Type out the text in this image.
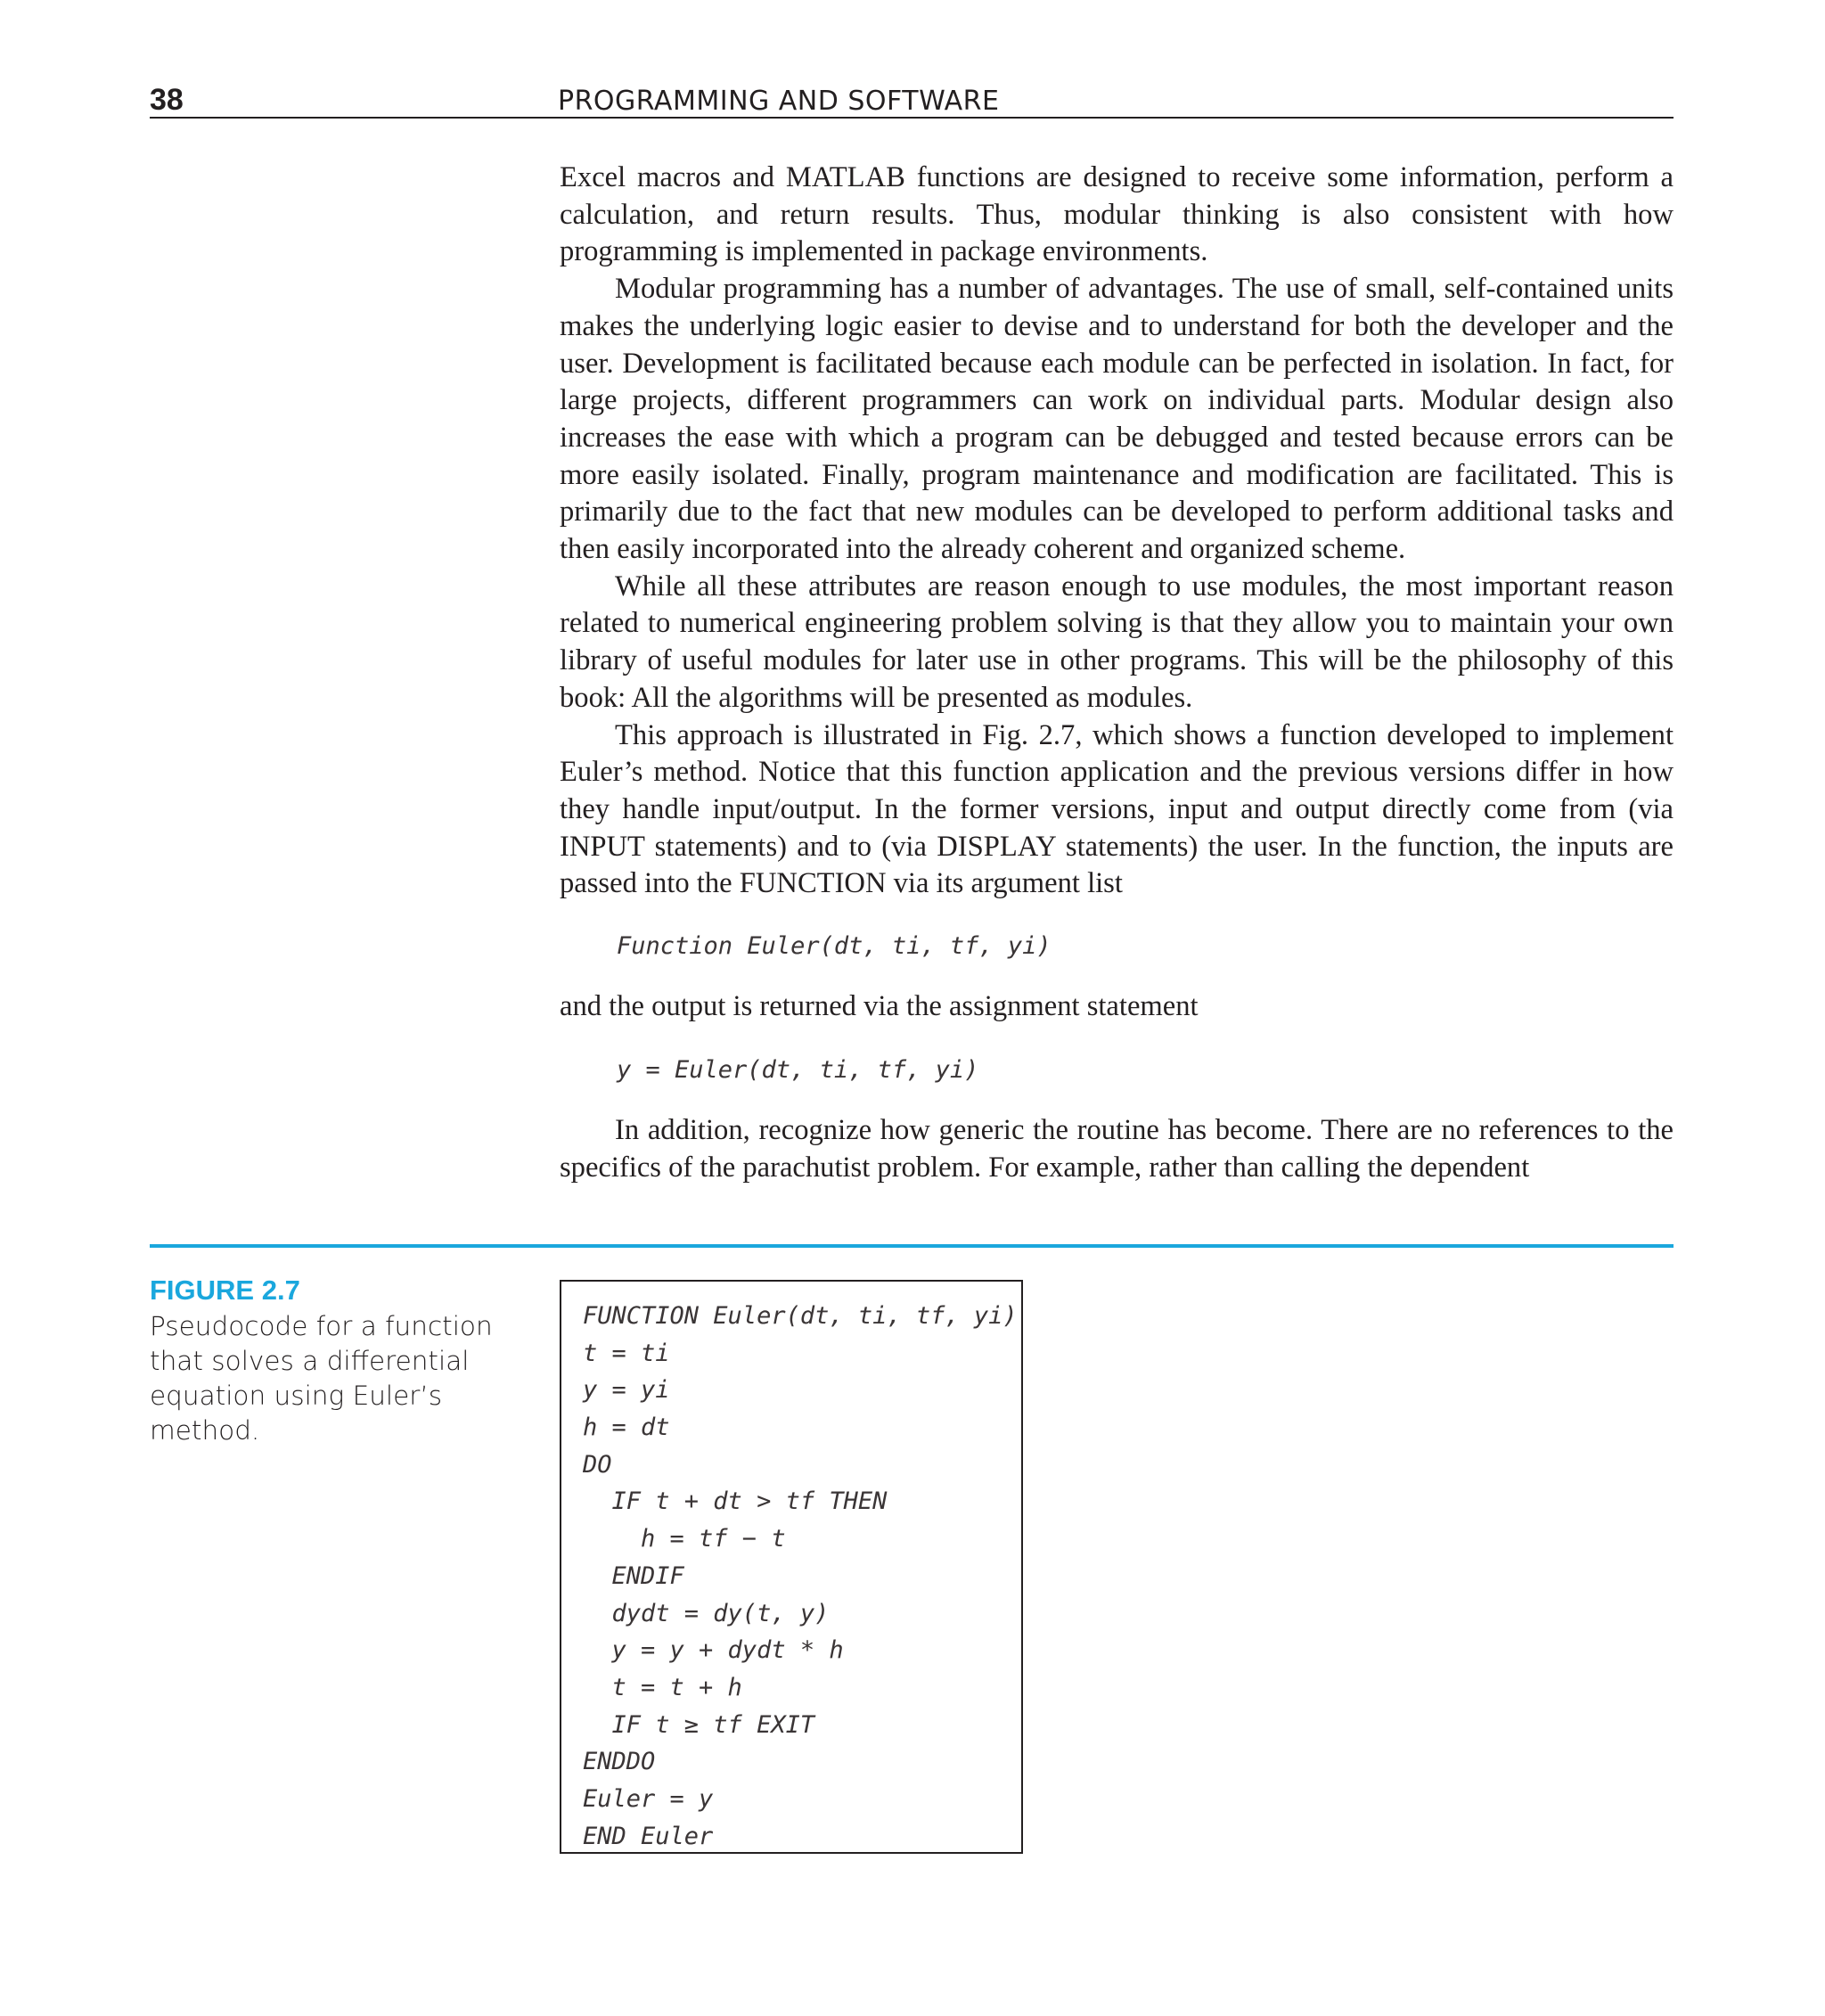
38	PROGRAMMING AND SOFTWARE

Excel macros and MATLAB functions are designed to receive some information, perform a calculation, and return results. Thus, modular thinking is also consistent with how programming is implemented in package environments.

Modular programming has a number of advantages. The use of small, self-contained units makes the underlying logic easier to devise and to understand for both the developer and the user. Development is facilitated because each module can be perfected in isolation. In fact, for large projects, different programmers can work on individual parts. Modular design also increases the ease with which a program can be debugged and tested because errors can be more easily isolated. Finally, program maintenance and modification are facilitated. This is primarily due to the fact that new modules can be developed to perform additional tasks and then easily incorporated into the already coherent and organized scheme.

While all these attributes are reason enough to use modules, the most important reason related to numerical engineering problem solving is that they allow you to maintain your own library of useful modules for later use in other programs. This will be the philosophy of this book: All the algorithms will be presented as modules.

This approach is illustrated in Fig. 2.7, which shows a function developed to implement Euler’s method. Notice that this function application and the previous versions differ in how they handle input/output. In the former versions, input and output directly come from (via INPUT statements) and to (via DISPLAY statements) the user. In the function, the inputs are passed into the FUNCTION via its argument list

Function Euler(dt, ti, tf, yi)

and the output is returned via the assignment statement

y = Euler(dt, ti, tf, yi)

In addition, recognize how generic the routine has become. There are no references to the specifics of the parachutist problem. For example, rather than calling the dependent

FIGURE 2.7

Pseudocode for a function that solves a differential equation using Euler’s method.

FUNCTION Euler(dt, ti, tf, yi)
t = ti
y = yi
h = dt
DO
IF t + dt > tf THEN
h = tf − t
ENDIF
dydt = dy(t, y)
y = y + dydt * h
t = t + h
IF t ≥ tf EXIT
ENDDO
Euler = y
END Euler
